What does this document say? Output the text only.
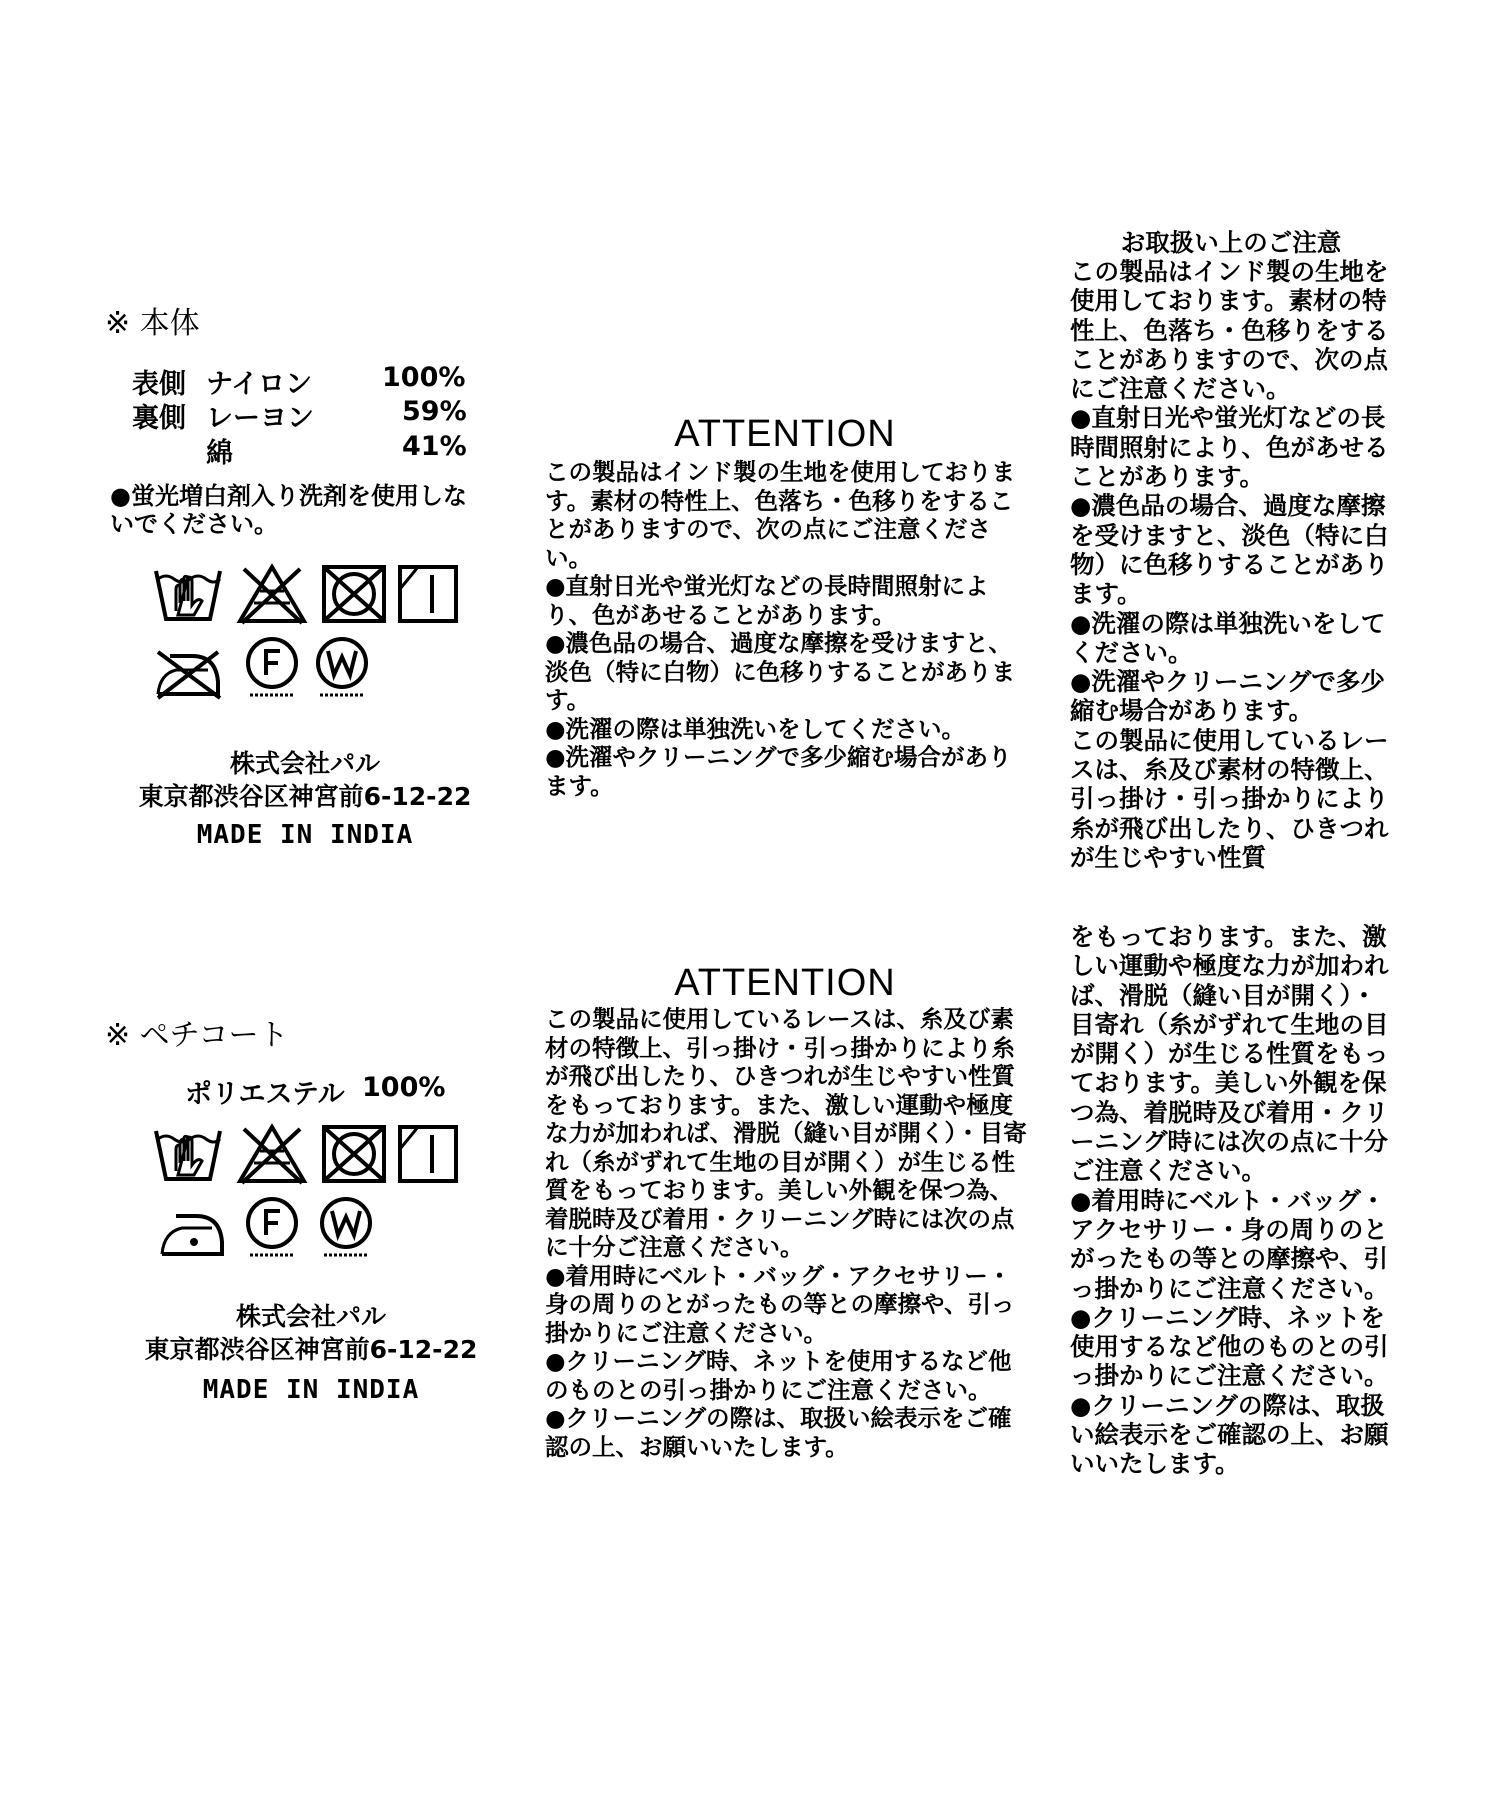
※ 本体
表側 ナイロン	100%
裏側 レーヨン	59%
綿	41%
●蛍光増白剤入り洗剤を使用しないでください。
株式会社パル
東京都渋谷区神宮前6-12-22
MADE IN INDIA
※ ペチコート
ポリエステル 100%
株式会社パル
東京都渋谷区神宮前6-12-22
MADE IN INDIA
ATTENTION
この製品はインド製の生地を使用しております。素材の特性上、色落ち・色移りをすることがありますので、次の点にご注意ください。
●直射日光や蛍光灯などの長時間照射により、色があせることがあります。
●濃色品の場合、過度な摩擦を受けますと、淡色（特に白物）に色移りすることがあります。
●洗濯の際は単独洗いをしてください。
●洗濯やクリーニングで多少縮む場合があります。
ATTENTION
この製品に使用しているレースは、糸及び素材の特徴上、引っ掛け・引っ掛かりにより糸が飛び出したり、ひきつれが生じやすい性質をもっております。また、激しい運動や極度な力が加われば、滑脱（縫い目が開く）・目寄れ（糸がずれて生地の目が開く）が生じる性質をもっております。美しい外観を保つ為、着脱時及び着用・クリーニング時には次の点に十分ご注意ください。
●着用時にベルト・バッグ・アクセサリー・身の周りのとがったもの等との摩擦や、引っ掛かりにご注意ください。
●クリーニング時、ネットを使用するなど他のものとの引っ掛かりにご注意ください。
●クリーニングの際は、取扱い絵表示をご確認の上、お願いいたします。
お取扱い上のご注意
この製品はインド製の生地を使用しております。素材の特性上、色落ち・色移りをすることがありますので、次の点にご注意ください。
●直射日光や蛍光灯などの長時間照射により、色があせることがあります。
●濃色品の場合、過度な摩擦を受けますと、淡色（特に白物）に色移りすることがあります。
●洗濯の際は単独洗いをしてください。
●洗濯やクリーニングで多少縮む場合があります。
この製品に使用しているレースは、糸及び素材の特徴上、引っ掛け・引っ掛かりにより糸が飛び出したり、ひきつれが生じやすい性質
をもっております。また、激しい運動や極度な力が加われば、滑脱（縫い目が開く）・目寄れ（糸がずれて生地の目が開く）が生じる性質をもっております。美しい外観を保つ為、着脱時及び着用・クリーニング時には次の点に十分ご注意ください。
●着用時にベルト・バッグ・アクセサリー・身の周りのとがったもの等との摩擦や、引っ掛かりにご注意ください。
●クリーニング時、ネットを使用するなど他のものとの引っ掛かりにご注意ください。
●クリーニングの際は、取扱い絵表示をご確認の上、お願いいたします。
